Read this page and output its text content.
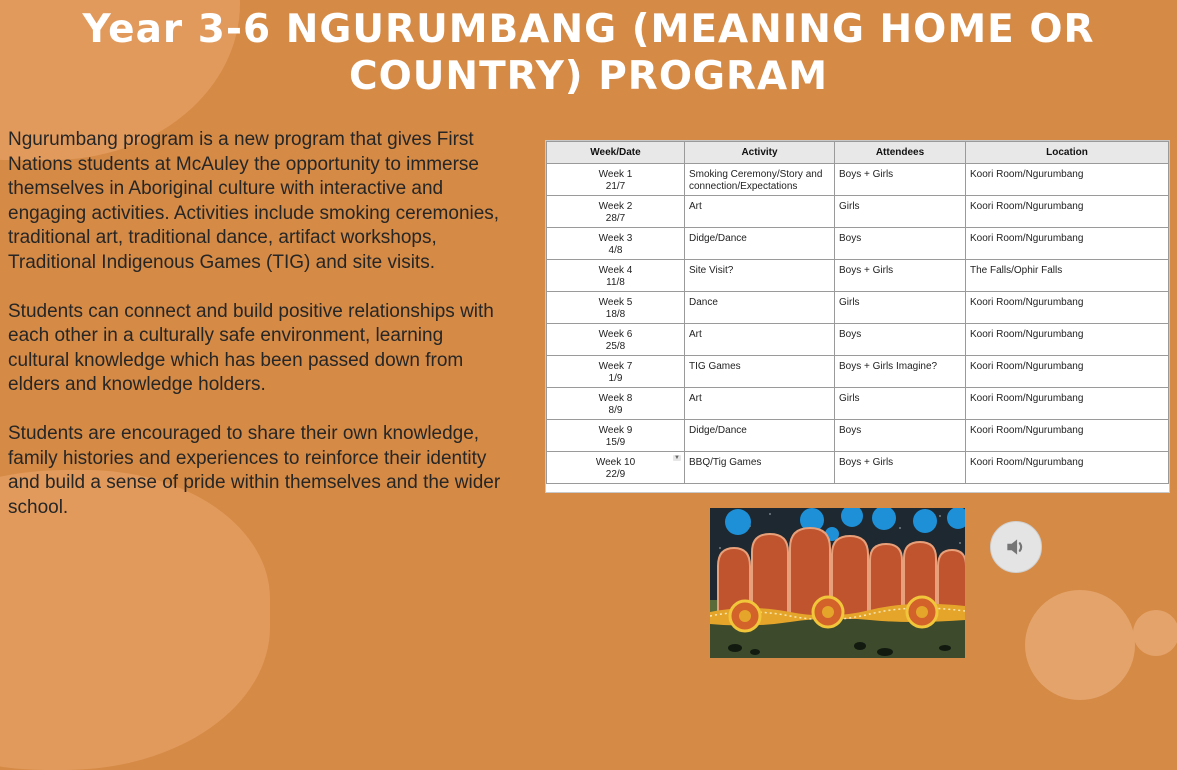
Year 3-6 NGURUMBANG (MEANING HOME OR COUNTRY) PROGRAM

Ngurumbang program is a new program that gives First Nations students at McAuley the opportunity to immerse themselves in Aboriginal culture with interactive and engaging activities. Activities include smoking ceremonies, traditional art, traditional dance, artifact workshops, Traditional Indigenous Games (TIG) and site visits.

Students can connect and build positive relationships with each other in a culturally safe environment, learning cultural knowledge which has been passed down from elders and knowledge holders.

Students are encouraged to share their own knowledge, family histories and experiences to reinforce their identity and build a sense of pride within themselves and the wider school.

Week/Date	Activity	Attendees	Location
Week 1
21/7	Smoking Ceremony/Story and connection/Expectations	Boys + Girls	Koori Room/Ngurumbang
Week 2
28/7	Art	Girls	Koori Room/Ngurumbang
Week 3
4/8	Didge/Dance	Boys	Koori Room/Ngurumbang
Week 4
11/8	Site Visit?	Boys + Girls	The Falls/Ophir Falls
Week 5
18/8	Dance	Girls	Koori Room/Ngurumbang
Week 6
25/8	Art	Boys	Koori Room/Ngurumbang
Week 7
1/9	TIG Games	Boys + Girls Imagine?	Koori Room/Ngurumbang
Week 8
8/9	Art	Girls	Koori Room/Ngurumbang
Week 9
15/9	Didge/Dance	Boys	Koori Room/Ngurumbang
Week 10
22/9
▼	BBQ/Tig Games	Boys + Girls	Koori Room/Ngurumbang
